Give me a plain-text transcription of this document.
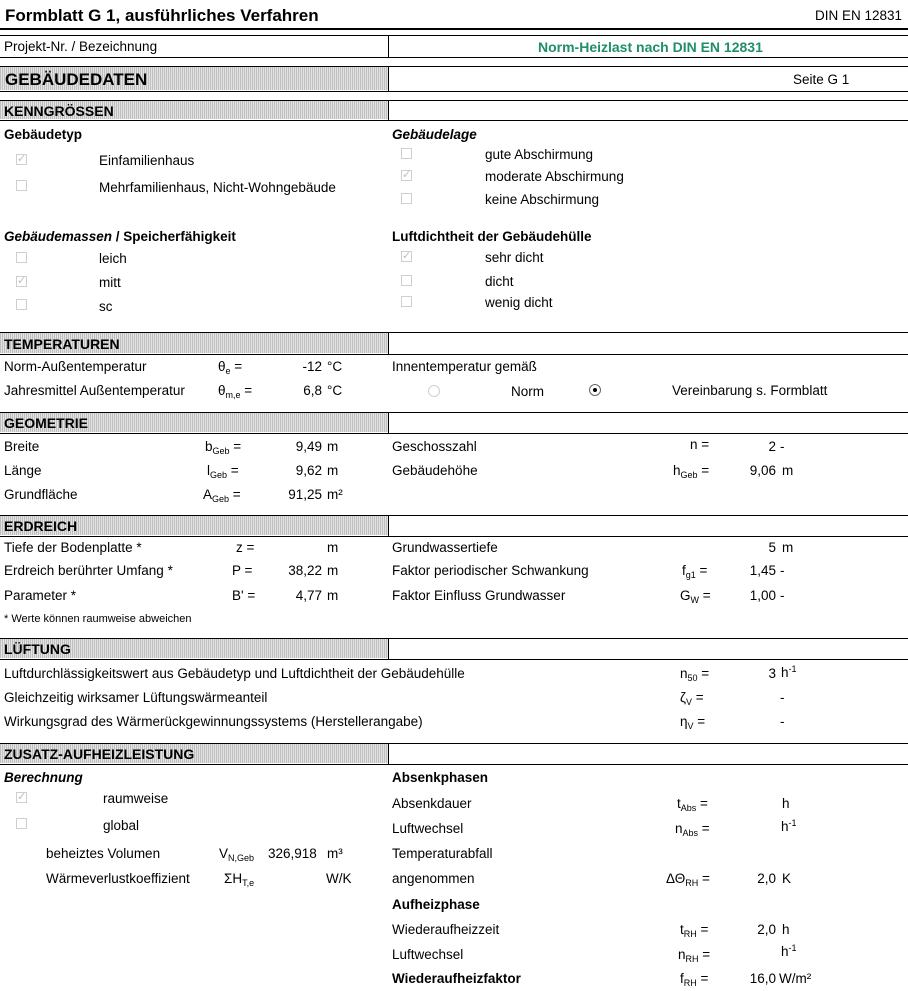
Formblatt G 1, ausführliches Verfahren	DIN EN 12831
Projekt-Nr. / Bezeichnung	Norm-Heizlast nach DIN EN 12831
GEBÄUDEDATEN	Seite G 1
KENNGRÖSSEN
Gebäudetyp
✓
Einfamilienhaus
Mehrfamilienhaus, Nicht-Wohngebäude
Gebäudelage
gute Abschirmung
✓
moderate Abschirmung
keine Abschirmung
Gebäudemassen / Speicherfähigkeit
leich
✓
mitt
sc
Luftdichtheit der Gebäudehülle
✓
sehr dicht
dicht
wenig dicht
TEMPERATUREN
Norm-Außentemperatur	$\theta_e$ =	-12 °C	Innentemperatur gemäß
Jahresmittel Außentemperatur $\theta_{m,e}$ =	6,8 °C	Norm	Vereinbarung s. Formblatt
GEOMETRIE
Breite	$b_{Geb}$ =	9,49 m
Länge	$l_{Geb}$ =	9,62 m
Grundfläche	$A_{Geb}$ =	91,25 m²
Geschosszahl	n =	2 -
Gebäudehöhe	$h_{Geb}$ =	9,06 m
ERDREICH
Tiefe der Bodenplatte *	z =	m
Erdreich berührter Umfang *	P =	38,22 m
Parameter *	B' =	4,77 m
* Werte können raumweise abweichen
Grundwassertiefe	5 m
Faktor periodischer Schwankung	$f_{g1}$ =	1,45 -
Faktor Einfluss Grundwasser	$G_W$ =	1,00 -
LÜFTUNG
Luftdurchlässigkeitswert aus Gebäudetyp und Luftdichtheit der Gebäudehülle	$n_{50}$ =	3 $h^{-1}$
Gleichzeitig wirksamer Lüftungswärmeanteil	$\zeta_V$ =	-
Wirkungsgrad des Wärmerückgewinnungssystems (Herstellerangabe)	$\eta_V$ =	-
ZUSATZ-AUFHEIZLEISTUNG
Berechnung
✓
raumweise
global
beheiztes Volumen	$V_{N,Geb}$ 326,918 m³
Wärmeverlustkoeffizient	$\Sigma H_{T,e}$	W/K
Absenkphasen
Absenkdauer	$t_{Abs}$ =	h
Luftwechsel	$n_{Abs}$ =	$h^{-1}$
Temperaturabfall
angenommen	$\Delta\Theta_{RH}$ =	2,0 K
Aufheizphase
Wiederaufheizzeit	$t_{RH}$ =	2,0 h
Luftwechsel	$n_{RH}$ =	$h^{-1}$
Wiederaufheizfaktor	$f_{RH}$ =	16,0 W/m²
